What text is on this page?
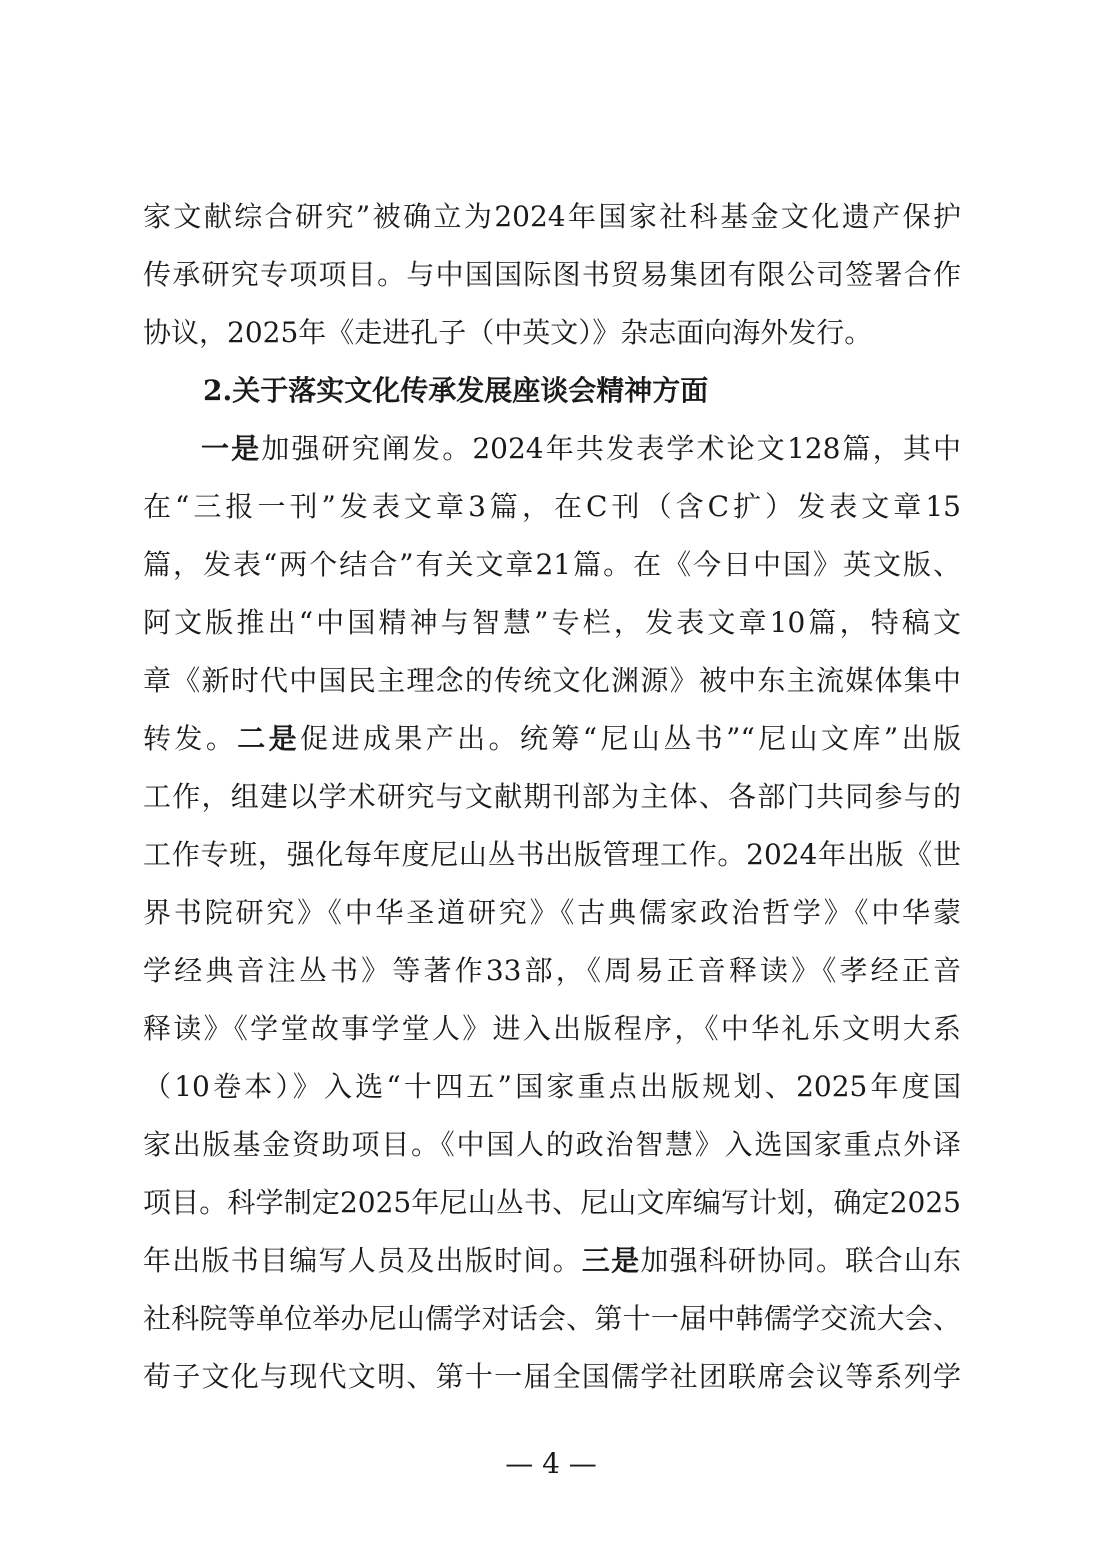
家文献综合研究”被确立为2024年国家社科基金文化遗产保护
传承研究专项项目。与中国国际图书贸易集团有限公司签署合作
协议，2025年《走进孔子（中英文）》杂志面向海外发行。
2.关于落实文化传承发展座谈会精神方面
一是加强研究阐发。2024年共发表学术论文128篇，其中
在“三报一刊”发表文章3篇，在C刊（含C扩）发表文章15
篇，发表“两个结合”有关文章21篇。在《今日中国》英文版、
阿文版推出“中国精神与智慧”专栏，发表文章10篇，特稿文
章《新时代中国民主理念的传统文化渊源》被中东主流媒体集中
转发。二是促进成果产出。统筹“尼山丛书”“尼山文库”出版
工作，组建以学术研究与文献期刊部为主体、各部门共同参与的
工作专班，强化每年度尼山丛书出版管理工作。2024年出版《世
界书院研究》《中华圣道研究》《古典儒家政治哲学》《中华蒙
学经典音注丛书》等著作33部，《周易正音释读》《孝经正音
释读》《学堂故事学堂人》进入出版程序，《中华礼乐文明大系
（10卷本）》入选“十四五”国家重点出版规划、2025年度国
家出版基金资助项目。《中国人的政治智慧》入选国家重点外译
项目。科学制定2025年尼山丛书、尼山文库编写计划，确定2025
年出版书目编写人员及出版时间。三是加强科研协同。联合山东
社科院等单位举办尼山儒学对话会、第十一届中韩儒学交流大会、
荀子文化与现代文明、第十一届全国儒学社团联席会议等系列学
— 4 —
